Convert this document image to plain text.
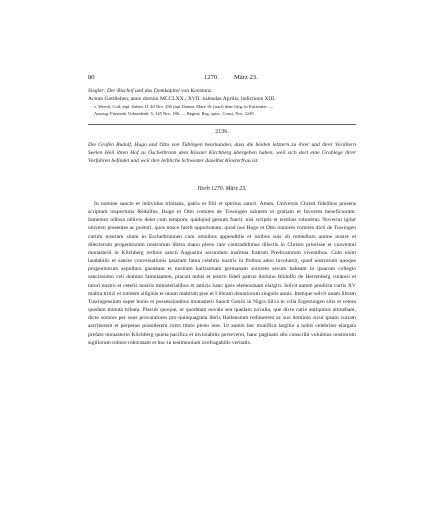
80	1270. März 23.
Siegler: Der Bischof und das Domkapitel von Konstanz.
Actum Gottlieben, anno domini MCCLXX., XVII. kalendas Aprilis, indictione XIII.
v. Weech, Cod. dipl. Salem. II. 40 Nro. 456 (mit Datum: März 16.) nach dem Orig. in Karlsruhe. —
Auszug: Fürstenb. Urkundenb. 5, 145 Nro. 186. — Regest: Reg. episc. Const. Nro. 2249.
2136.
Die Grafen Rudolf, Hugo und Otto von Tübingen beurkunden, dass die beiden letztern zu ihrer und ihrer Vorältern Seelen Heil ihren Hof zu Öschelbronn dem Kloster Kirchberg übergeben haben, weil sich dort eine Grablege ihrer Vorfahren befindet und weil ihre leibliche Schwester daselbst Klosterfrau ist.
Horb 1270. März 23.

In nomine sancte et individue trinitatis, patris et filii et spiritus sancti. Amen. Universis Christi fidelibus presens scriptum inspecturis Rŏdolfus, Hugo et Otto comites de Tuwingen salutem et gratiam et favorem beneficiorum. Inmemor odiosa oblivio delet cum tempore, quidquid gestum fuerit, nisi scriptis et testibus roboretur. Noverint igitur universi presentes ac postori, quos nosce fuerit opportunum, quod nos Hugo et Otto iuniores comites dicti de Tuwingen curtim nostram sitam in Eschelbrunnen cum omnibus appenditiis et iuribus suis ob remedium anime nostre et dilectorum progenitorum nostrorum libera manu pleno iure contradidimus dilectis in Christo priorisse et conventui monasterii in Kilchberg ordinis sancti Augustini secundum instituta fratrum Predicatorum viventibus. Cum enim laudabilis et sancte conversationis ipsarum fama celebris nostris in finibus adeo involuerit, quod nostrorum quoque progenitorum sepultura gaudeant et nostram karissimam germanam sororem secum habeant in ipsarum collegio sanctissimo celi domino famulantem, placuit nobis et nostro fideli patruo domino Rŏdolfo de Herrenberg curatori et tutori nostro et ceteris nostris ministerialibus et amicis hanc ipsis elemosinam elargiri. Solvit autem predicta curtis XV maltra tritici et totidem siliginis et unum maltrum pise et I libram denariorum singulis annis. Itemque solvit unam libram Tuwingensium super bonis et possessionibus monasterii Sancti Georii in Nigra Silva in villa Ergetzingen sitis et cetera quedam minuta tributa. Placuit quoque, ut quoddam novale seu quedam novalia, que dicte curie antiquitus attinebant, dicte sorores per suos procuratores pro quinquaginta libris Hallensium redimerent ac suo dominio sicut ipsam curiam ascriberent et perpetuo possiderent certo titulo pleno iure. Ut autem hec munifica largitio a nobis celebriter elargata prefato monasterio Kilchberg quieta pacifica et inviolabilis perseveret, hanc paginam sibi conscribi voluimus nostrorum sigillorum robore roboratam et hoc in testimonium irrefragabilis veritatis.
